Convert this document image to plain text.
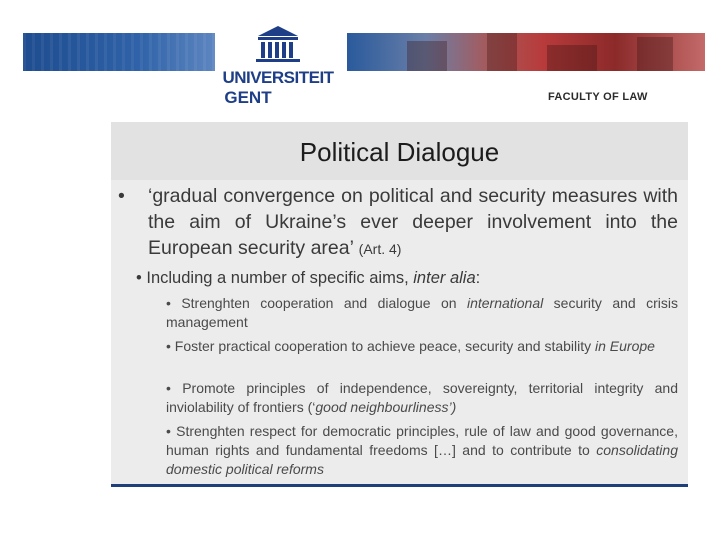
UNIVERSITEIT
GENT	FACULTY OF LAW
Political Dialogue
• ‘gradual convergence on political and security measures with the aim of Ukraine’s ever deeper involvement into the European security area’ (Art. 4)
• Including a number of specific aims, inter alia:
• Strenghten cooperation and dialogue on international security and crisis management
• Foster practical cooperation to achieve peace, security and stability in Europe
• Promote principles of independence, sovereignty, territorial integrity and inviolability of frontiers (‘good neighbourliness’)
• Strenghten respect for democratic principles, rule of law and good governance, human rights and fundamental freedoms […] and to contribute to consolidating domestic political reforms
